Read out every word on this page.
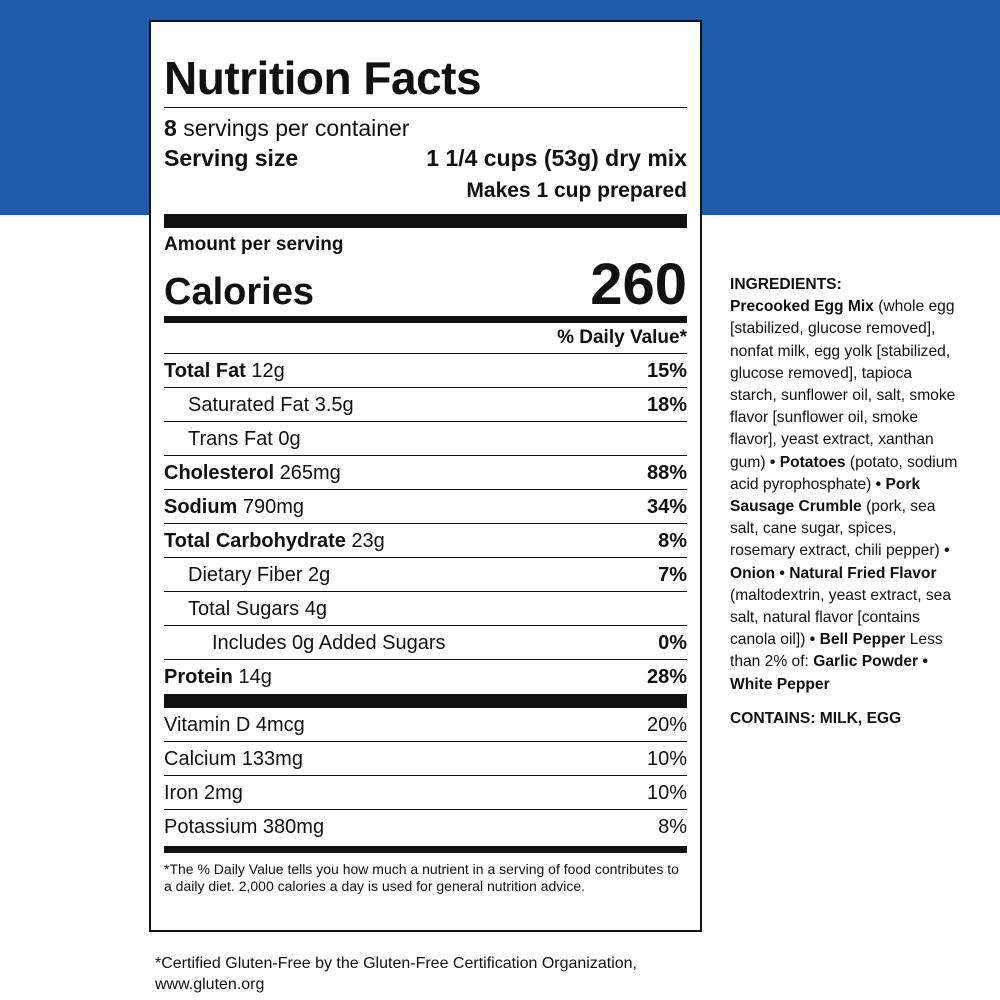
Nutrition Facts
8 servings per container
Serving size	1 1/4 cups (53g) dry mix
Makes 1 cup prepared
Amount per serving
Calories	260
% Daily Value*
Total Fat 12g	15%
Saturated Fat 3.5g	18%
Trans Fat 0g
Cholesterol 265mg	88%
Sodium 790mg	34%
Total Carbohydrate 23g	8%
Dietary Fiber 2g	7%
Total Sugars 4g
Includes 0g Added Sugars	0%
Protein 14g	28%
Vitamin D 4mcg	20%
Calcium 133mg	10%
Iron 2mg	10%
Potassium 380mg	8%
*The % Daily Value tells you how much a nutrient in a serving of food contributes to a daily diet. 2,000 calories a day is used for general nutrition advice.
INGREDIENTS:
Precooked Egg Mix (whole egg [stabilized, glucose removed], nonfat milk, egg yolk [stabilized, glucose removed], tapioca starch, sunflower oil, salt, smoke flavor [sunflower oil, smoke flavor], yeast extract, xanthan gum) • Potatoes (potato, sodium acid pyrophosphate) • Pork Sausage Crumble (pork, sea salt, cane sugar, spices, rosemary extract, chili pepper) • Onion • Natural Fried Flavor (maltodextrin, yeast extract, sea salt, natural flavor [contains canola oil]) • Bell Pepper Less than 2% of: Garlic Powder • White Pepper
CONTAINS: MILK, EGG
*Certified Gluten-Free by the Gluten-Free Certification Organization, www.gluten.org
